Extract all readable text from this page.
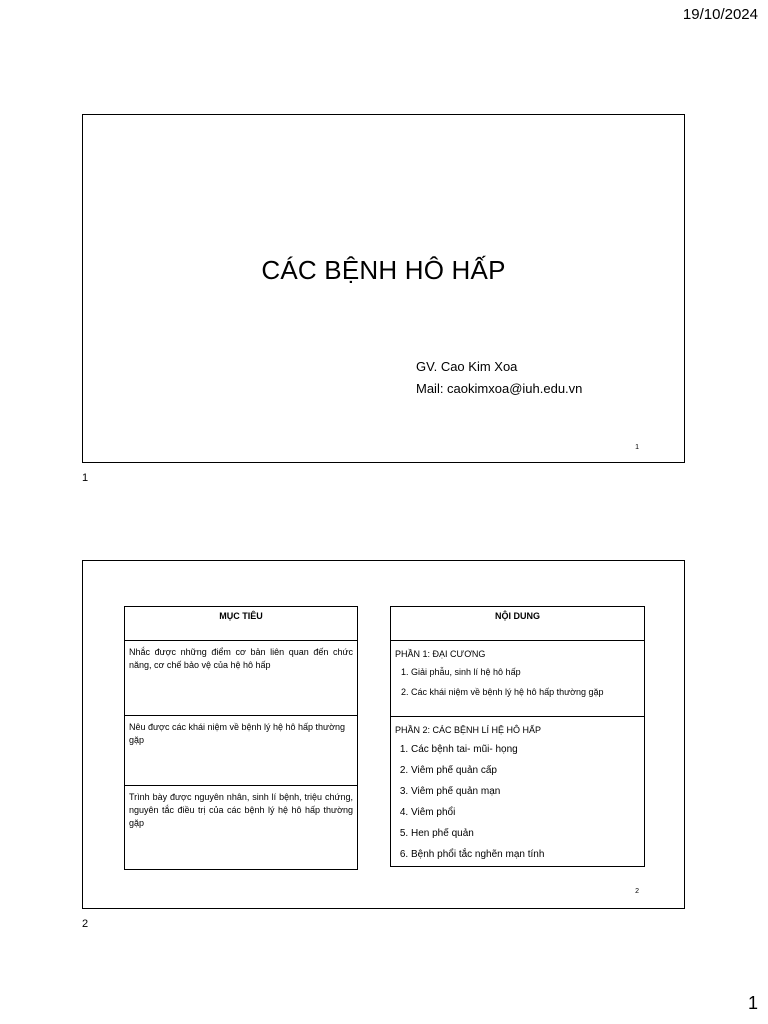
19/10/2024
CÁC BỆNH HÔ HẤP
GV. Cao Kim Xoa
Mail: caokimxoa@iuh.edu.vn
1
1
MỤC TIÊU
Nhắc được những điểm cơ bản liên quan đến chức năng, cơ chế bảo vệ của hệ hô hấp
Nêu được các khái niệm về bệnh lý hệ hô hấp thường gặp
Trình bày được nguyên nhân, sinh lí bệnh, triệu chứng, nguyên tắc điều trị của các bệnh lý hệ hô hấp thường gặp
NỘI DUNG

PHẦN 1: ĐẠI CƯƠNG
1. Giải phẫu, sinh lí hệ hô hấp
2. Các khái niệm về bệnh lý hệ hô hấp thường gặp

PHẦN 2: CÁC BỆNH LÍ HỆ HÔ HẤP
1. Các bệnh tai- mũi- họng
2. Viêm phế quản cấp
3. Viêm phế quản mạn
4. Viêm phổi
5. Hen phế quản
6. Bệnh phổi tắc nghẽn mạn tính
2
2
1
